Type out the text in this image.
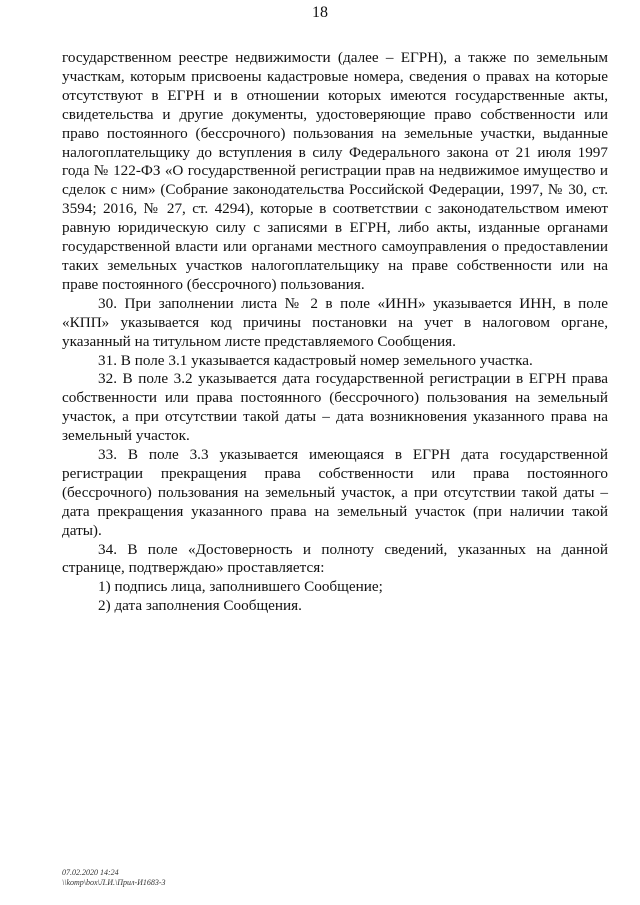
18

государственном реестре недвижимости (далее – ЕГРН), а также по земельным участкам, которым присвоены кадастровые номера, сведения о правах на которые отсутствуют в ЕГРН и в отношении которых имеются государственные акты, свидетельства и другие документы, удостоверяющие право собственности или право постоянного (бессрочного) пользования на земельные участки, выданные налогоплательщику до вступления в силу Федерального закона от 21 июля 1997 года № 122-ФЗ «О государственной регистрации прав на недвижимое имущество и сделок с ним» (Собрание законодательства Российской Федерации, 1997, № 30, ст. 3594; 2016, № 27, ст. 4294), которые в соответствии с законодательством имеют равную юридическую силу с записями в ЕГРН, либо акты, изданные органами государственной власти или органами местного самоуправления о предоставлении таких земельных участков налогоплательщику на праве собственности или на праве постоянного (бессрочного) пользования.

30. При заполнении листа № 2 в поле «ИНН» указывается ИНН, в поле «КПП» указывается код причины постановки на учет в налоговом органе, указанный на титульном листе представляемого Сообщения.

31. В поле 3.1 указывается кадастровый номер земельного участка.

32. В поле 3.2 указывается дата государственной регистрации в ЕГРН права собственности или права постоянного (бессрочного) пользования на земельный участок, а при отсутствии такой даты – дата возникновения указанного права на земельный участок.

33. В поле 3.3 указывается имеющаяся в ЕГРН дата государственной регистрации прекращения права собственности или права постоянного (бессрочного) пользования на земельный участок, а при отсутствии такой даты – дата прекращения указанного права на земельный участок (при наличии такой даты).

34. В поле «Достоверность и полноту сведений, указанных на данной странице, подтверждаю» проставляется:

1) подпись лица, заполнившего Сообщение;

2) дата заполнения Сообщения.

07.02.2020 14:24
\\komp\box\Л.И.\Прил-И1683-3
